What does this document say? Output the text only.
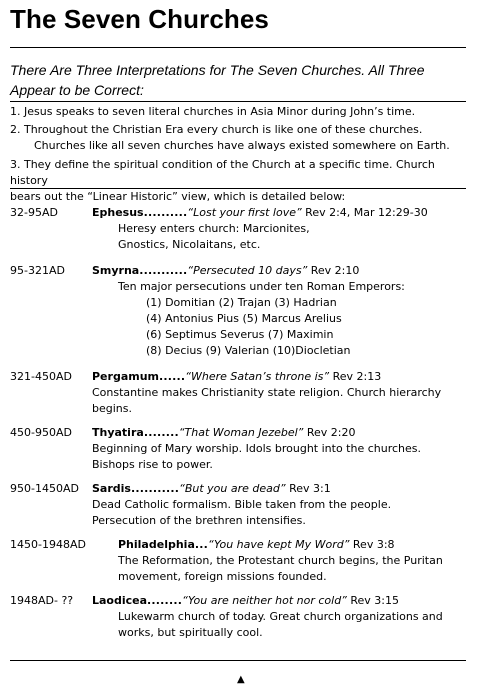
The Seven Churches
There Are Three Interpretations for The Seven Churches. All Three Appear to be Correct:
1. Jesus speaks to seven literal churches in Asia Minor during John’s time.
2. Throughout the Christian Era every church is like one of these churches.
Churches like all seven churches have always existed somewhere on Earth.
3. They define the spiritual condition of the Church at a specific time. Church history
bears out the “Linear Historic” view, which is detailed below:
32-95AD	Ephesus..........“Lost your first love” Rev 2:4, Mar 12:29-30
Heresy enters church: Marcionites,
Gnostics, Nicolaitans, etc.
95-321AD Smyrna...........“Persecuted 10 days” Rev 2:10
Ten major persecutions under ten Roman Emperors:
(1) Domitian (2) Trajan (3) Hadrian
(4) Antonius Pius (5) Marcus Arelius
(6) Septimus Severus (7) Maximin
(8) Decius (9) Valerian (10)Diocletian
321-450AD Pergamum......“Where Satan’s throne is” Rev 2:13
Constantine makes Christianity state religion. Church hierarchy
begins.
450-950AD Thyatira........“That Woman Jezebel” Rev 2:20
Beginning of Mary worship. Idols brought into the churches.
Bishops rise to power.
950-1450AD Sardis...........“But you are dead” Rev 3:1
Dead Catholic formalism. Bible taken from the people.
Persecution of the brethren intensifies.
1450-1948AD	Philadelphia...“You have kept My Word” Rev 3:8
The Reformation, the Protestant church begins, the Puritan
movement, foreign missions founded.
1948AD- ?? Laodicea........“You are neither hot nor cold” Rev 3:15
Lukewarm church of today. Great church organizations and
works, but spiritually cool.
▲
